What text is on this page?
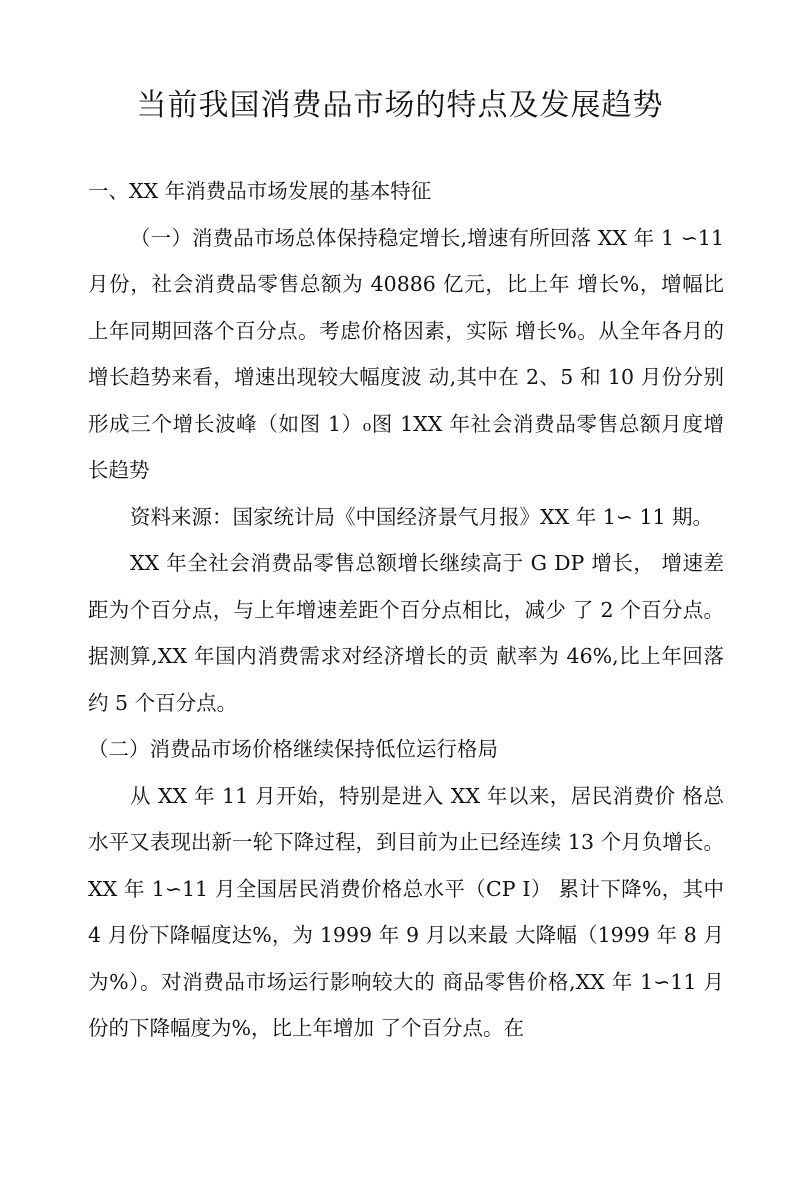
当前我国消费品市场的特点及发展趋势

一、XX 年消费品市场发展的基本特征

（一）消费品市场总体保持稳定增长,增速有所回落 XX 年 1 ∽11 月份，社会消费品零售总额为 40886 亿元，比上年 增长%，增幅比上年同期回落个百分点。考虑价格因素，实际 增长%。从全年各月的增长趋势来看，增速出现较大幅度波 动,其中在 2、5 和 10 月份分别形成三个增长波峰（如图 1）₀图 1XX 年社会消费品零售总额月度增长趋势

资料来源：国家统计局《中国经济景气月报》XX 年 1∽ 11 期。

XX 年全社会消费品零售总额增长继续高于 G DP 增长， 增速差距为个百分点，与上年增速差距个百分点相比，减少 了 2 个百分点。据测算,XX 年国内消费需求对经济增长的贡 献率为 46%,比上年回落约 5 个百分点。

（二）消费品市场价格继续保持低位运行格局

从 XX 年 11 月开始，特别是进入 XX 年以来，居民消费价 格总水平又表现出新一轮下降过程，到目前为止已经连续 13 个月负增长。XX 年 1∽11 月全国居民消费价格总水平（CP I） 累计下降%，其中 4 月份下降幅度达%，为 1999 年 9 月以来最 大降幅（1999 年 8 月为%）。对消费品市场运行影响较大的 商品零售价格,XX 年 1∽11 月份的下降幅度为%，比上年增加 了个百分点。在
